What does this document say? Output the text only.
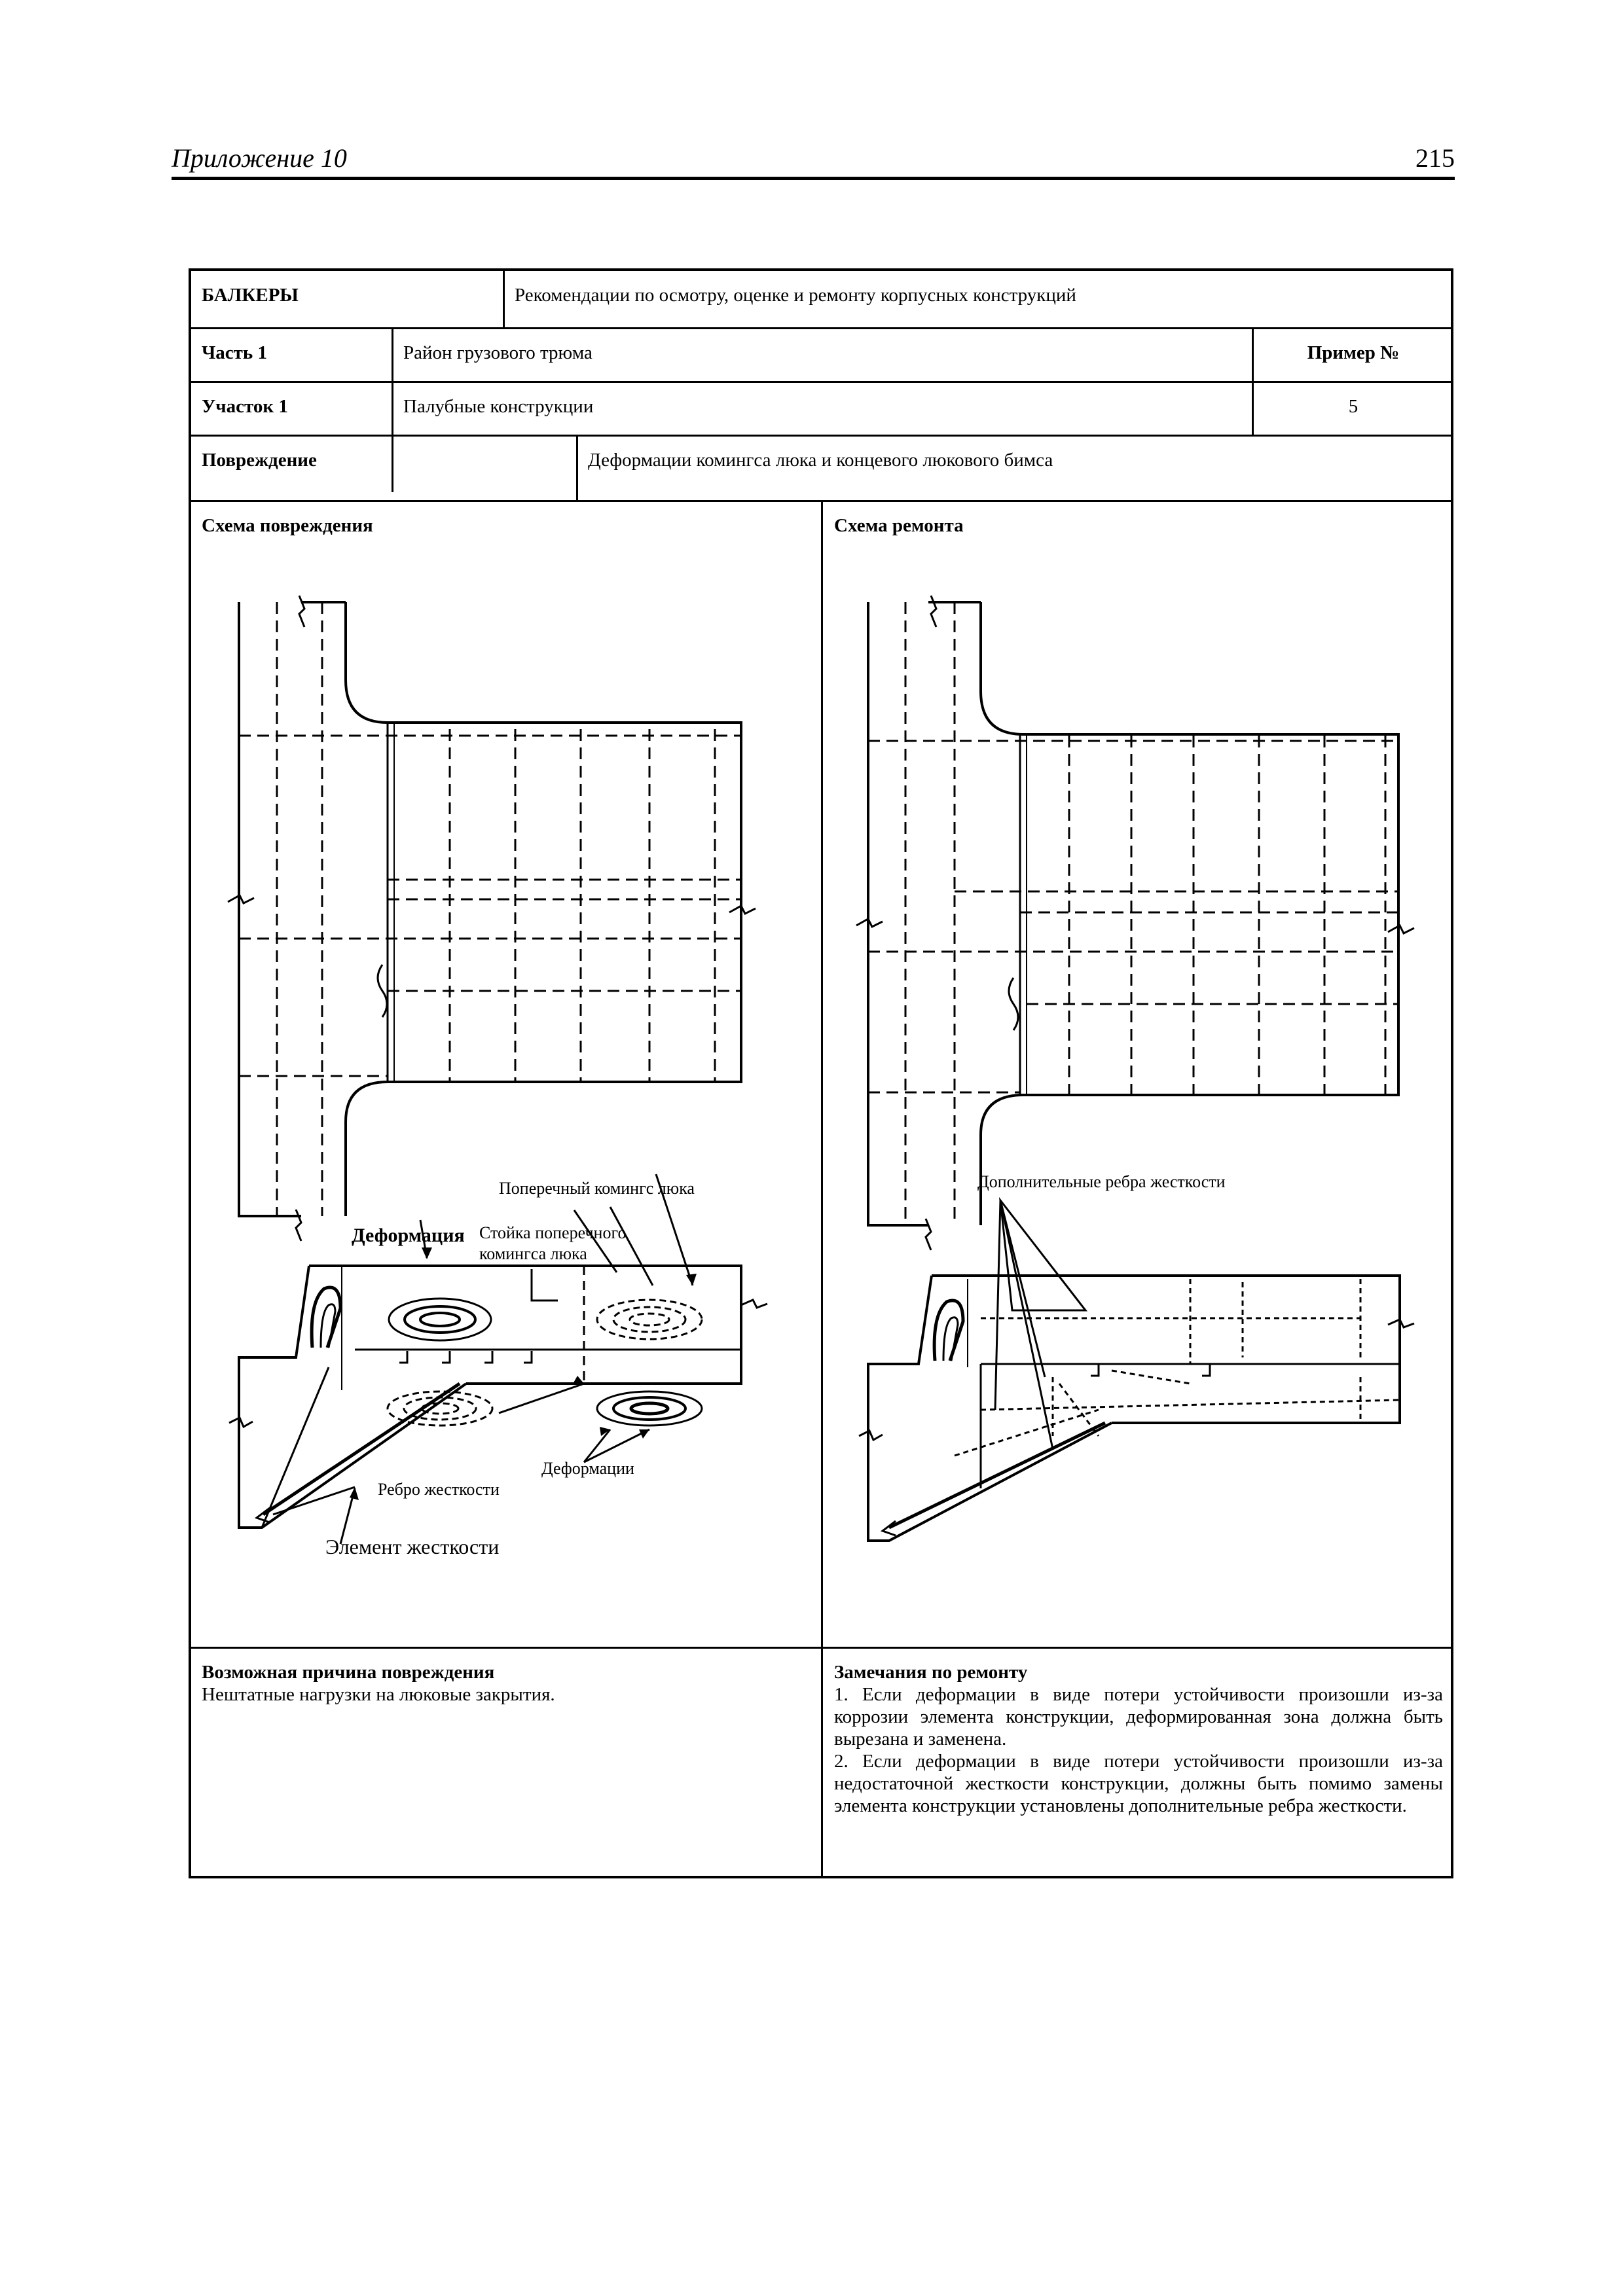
Приложение 10	215
БАЛКЕРЫ	Рекомендации по осмотру, оценке и ремонту корпусных конструкций
Часть 1	Район грузового трюма	Пример №
Участок 1	Палубные конструкции	5
Повреждение	Деформации комингса люка и концевого люкового бимса
Схема повреждения	Схема ремонта
Поперечный комингс люка
Стойка поперечного
комингса люка
Деформация
Ребро жесткости
Деформации
Элемент жесткости
Дополнительные ребра жесткости
Возможная причина повреждения
Нештатные нагрузки на люковые закрытия.
Замечания по ремонту
1. Если деформации в виде потери устойчивости произошли из-за коррозии элемента конструкции, деформированная зона должна быть вырезана и заменена.
2. Если деформации в виде потери устойчивости произошли из-за недостаточной жесткости конструкции, должны быть помимо замены элемента конструкции установлены дополнительные ребра жесткости.
